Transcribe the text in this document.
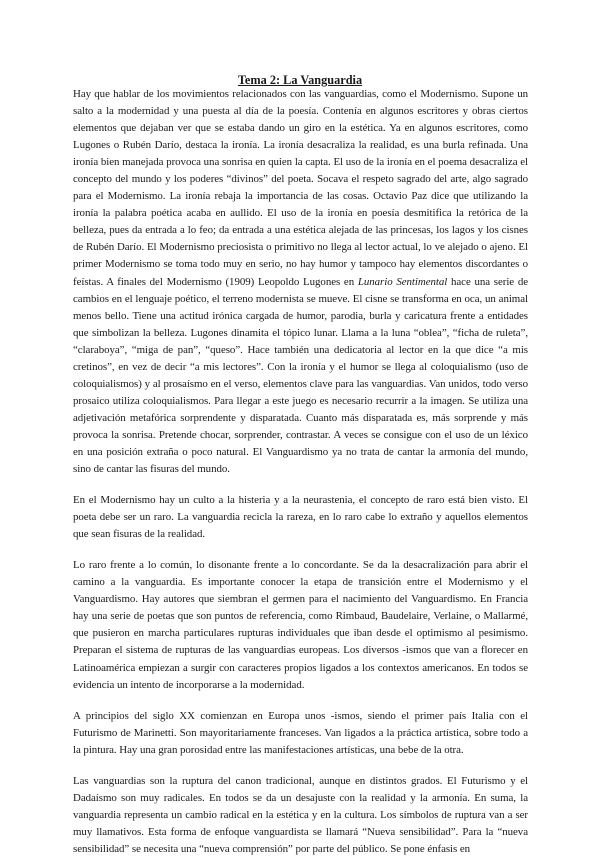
Tema 2: La Vanguardia

Hay que hablar de los movimientos relacionados con las vanguardias, como el Modernismo. Supone un salto a la modernidad y una puesta al día de la poesía. Contenía en algunos escritores y obras ciertos elementos que dejaban ver que se estaba dando un giro en la estética. Ya en algunos escritores, como Lugones o Rubén Darío, destaca la ironía. La ironía desacraliza la realidad, es una burla refinada. Una ironía bien manejada provoca una sonrisa en quien la capta. El uso de la ironía en el poema desacraliza el concepto del mundo y los poderes “divinos” del poeta. Socava el respeto sagrado del arte, algo sagrado para el Modernismo. La ironía rebaja la importancia de las cosas. Octavio Paz dice que utilizando la ironía la palabra poética acaba en aullido. El uso de la ironía en poesía desmitifica la retórica de la belleza, pues da entrada a lo feo; da entrada a una estética alejada de las princesas, los lagos y los cisnes de Rubén Darío. El Modernismo preciosista o primitivo no llega al lector actual, lo ve alejado o ajeno. El primer Modernismo se toma todo muy en serio, no hay humor y tampoco hay elementos discordantes o feístas. A finales del Modernismo (1909) Leopoldo Lugones en Lunario Sentimental hace una serie de cambios en el lenguaje poético, el terreno modernista se mueve. El cisne se transforma en oca, un animal menos bello. Tiene una actitud irónica cargada de humor, parodia, burla y caricatura frente a entidades que simbolizan la belleza. Lugones dinamita el tópico lunar. Llama a la luna “oblea”, “ficha de ruleta”, “claraboya”, “miga de pan”, “queso”. Hace también una dedicatoria al lector en la que dice “a mis cretinos”, en vez de decir “a mis lectores”. Con la ironía y el humor se llega al coloquialismo (uso de coloquialismos) y al prosaísmo en el verso, elementos clave para las vanguardias. Van unidos, todo verso prosaico utiliza coloquialismos. Para llegar a este juego es necesario recurrir a la imagen. Se utiliza una adjetivación metafórica sorprendente y disparatada. Cuanto más disparatada es, más sorprende y más provoca la sonrisa. Pretende chocar, sorprender, contrastar. A veces se consigue con el uso de un léxico en una posición extraña o poco natural. El Vanguardismo ya no trata de cantar la armonía del mundo, sino de cantar las fisuras del mundo.

En el Modernismo hay un culto a la histeria y a la neurastenia, el concepto de raro está bien visto. El poeta debe ser un raro. La vanguardia recicla la rareza, en lo raro cabe lo extraño y aquellos elementos que sean fisuras de la realidad.

Lo raro frente a lo común, lo disonante frente a lo concordante. Se da la desacralización para abrir el camino a la vanguardia. Es importante conocer la etapa de transición entre el Modernismo y el Vanguardismo. Hay autores que siembran el germen para el nacimiento del Vanguardismo. En Francia hay una serie de poetas que son puntos de referencia, como Rimbaud, Baudelaire, Verlaine, o Mallarmé, que pusieron en marcha particulares rupturas individuales que iban desde el optimismo al pesimismo. Preparan el sistema de rupturas de las vanguardias europeas. Los diversos -ismos que van a florecer en Latinoamérica empiezan a surgir con caracteres propios ligados a los contextos americanos. En todos se evidencia un intento de incorporarse a la modernidad.

A principios del siglo XX comienzan en Europa unos -ismos, siendo el primer país Italia con el Futurismo de Marinetti. Son mayoritariamente franceses. Van ligados a la práctica artística, sobre todo a la pintura. Hay una gran porosidad entre las manifestaciones artísticas, una bebe de la otra.

Las vanguardias son la ruptura del canon tradicional, aunque en distintos grados. El Futurismo y el Dadaísmo son muy radicales. En todos se da un desajuste con la realidad y la armonía. En suma, la vanguardia representa un cambio radical en la estética y en la cultura. Los símbolos de ruptura van a ser muy llamativos. Esta forma de enfoque vanguardista se llamará “Nueva sensibilidad”. Para la “nueva sensibilidad” se necesita una “nueva comprensión” por parte del público. Se pone énfasis en
